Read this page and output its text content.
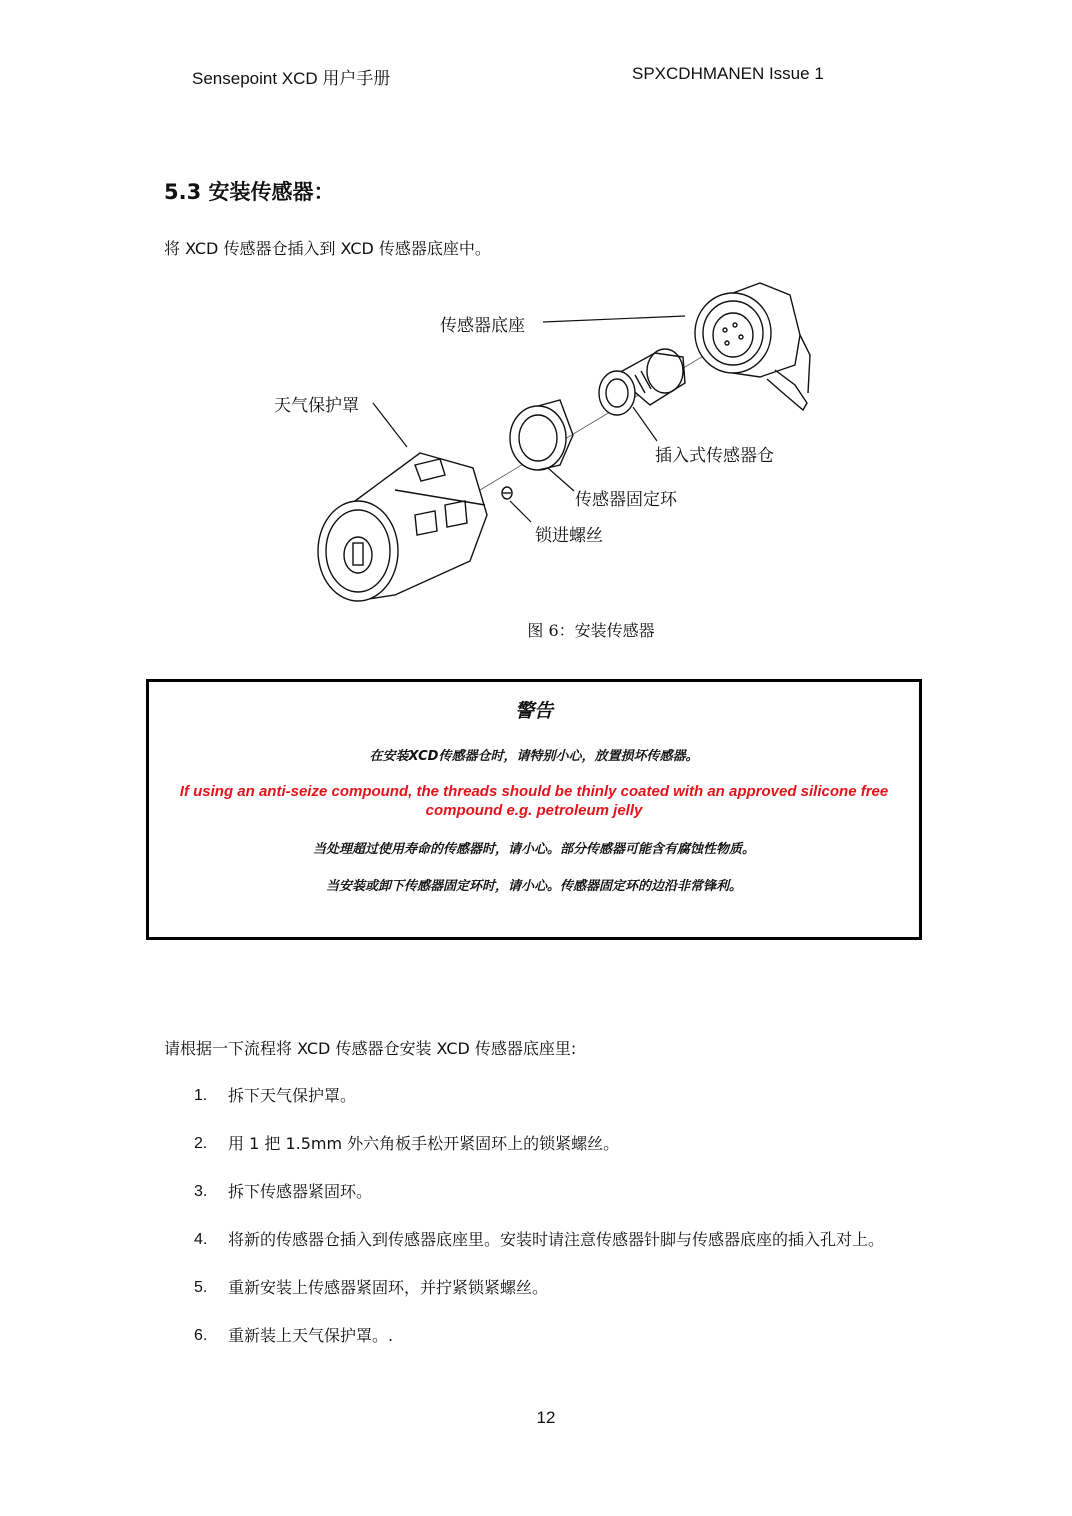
Sensepoint XCD 用户手册	SPXCDHMANEN Issue 1
5.3 安装传感器：
将 XCD 传感器仓插入到 XCD 传感器底座中。
传感器底座
天气保护罩
插入式传感器仓
传感器固定环
锁进螺丝
图 6：安装传感器
警告
在安装XCD传感器仓时，请特别小心，放置损坏传感器。
If using an anti-seize compound, the threads should be thinly coated with an approved silicone free compound e.g. petroleum jelly
当处理超过使用寿命的传感器时，请小心。部分传感器可能含有腐蚀性物质。
当安装或卸下传感器固定环时，请小心。传感器固定环的边沿非常锋利。
请根据一下流程将 XCD 传感器仓安装 XCD 传感器底座里:
1.	拆下天气保护罩。
2.	用 1 把 1.5mm 外六角板手松开紧固环上的锁紧螺丝。
3.	拆下传感器紧固环。
4.	将新的传感器仓插入到传感器底座里。安装时请注意传感器针脚与传感器底座的插入孔对上。
5.	重新安装上传感器紧固环，并拧紧锁紧螺丝。
6.	重新装上天气保护罩。.
12
